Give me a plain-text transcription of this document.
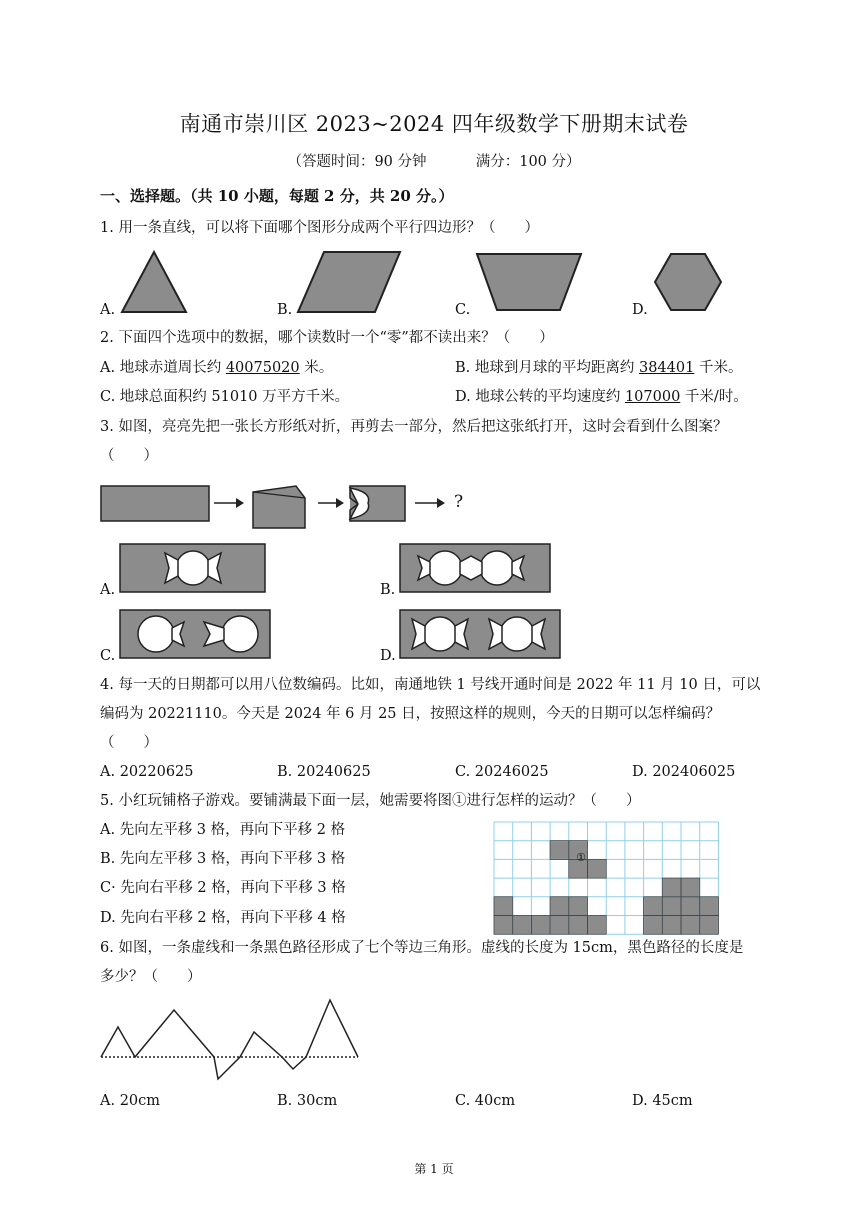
南通市崇川区 2023~2024 四年级数学下册期末试卷
（答题时间：90 分钟	满分：100 分）
一、选择题。（共 10 小题，每题 2 分，共 20 分。）
1. 用一条直线，可以将下面哪个图形分成两个平行四边形？（　　）
A.	B.	C.	D.
2. 下面四个选项中的数据，哪个读数时一个“零”都不读出来？（　　）
A. 地球赤道周长约 40075020 米。	B. 地球到月球的平均距离约 384401 千米。
C. 地球总面积约 51010 万平方千米。	D. 地球公转的平均速度约 107000 千米/时。
3. 如图，亮亮先把一张长方形纸对折，再剪去一部分，然后把这张纸打开，这时会看到什么图案？
（　　）
?
A.	B.
C.	D.
4. 每一天的日期都可以用八位数编码。比如，南通地铁 1 号线开通时间是 2022 年 11 月 10 日，可以
编码为 20221110。今天是 2024 年 6 月 25 日，按照这样的规则，今天的日期可以怎样编码？
（　　）
A. 20220625	B. 20240625	C. 20246025	D. 202406025
5. 小红玩铺格子游戏。要铺满最下面一层，她需要将图①进行怎样的运动？（　　）
A. 先向左平移 3 格，再向下平移 2 格
B. 先向左平移 3 格，再向下平移 3 格
C· 先向右平移 2 格，再向下平移 3 格
D. 先向右平移 2 格，再向下平移 4 格
①
6. 如图，一条虚线和一条黑色路径形成了七个等边三角形。虚线的长度为 15cm，黑色路径的长度是
多少？（　　）
A. 20cm	B. 30cm	C. 40cm	D. 45cm
第 1 页
